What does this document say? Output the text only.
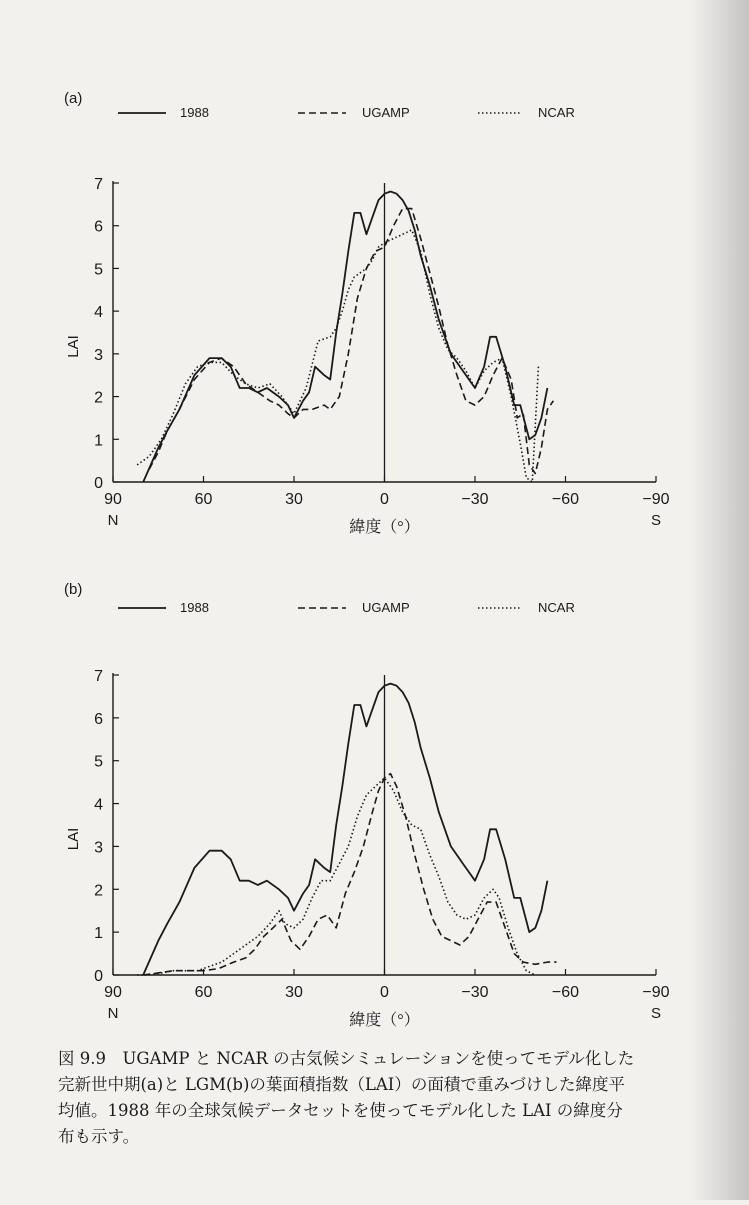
(a)
1988	UGAMP	NCAR
0
1
2
3
4
5
6
7
90	60	30	0	−30	−60	−90
N	S
緯度（°）
LAI
(b)
1988	UGAMP	NCAR
0
1
2
3
4
5
6
7
90	60	30	0	−30	−60	−90
N	S
緯度（°）
LAI
図 9.9　UGAMP と NCAR の古気候シミュレーションを使ってモデル化した
完新世中期(a)と LGM(b)の葉面積指数（LAI）の面積で重みづけした緯度平
均値。1988 年の全球気候データセットを使ってモデル化した LAI の緯度分
布も示す。
